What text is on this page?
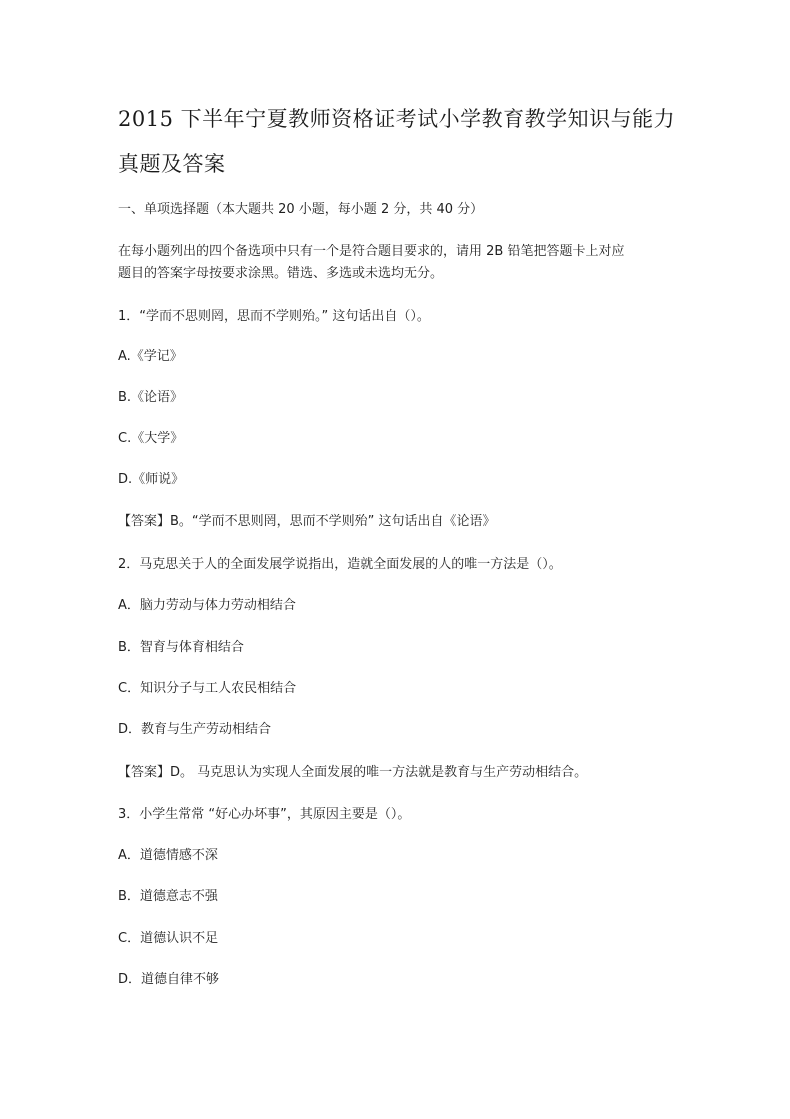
2015 下半年宁夏教师资格证考试小学教育教学知识与能力
真题及答案
一、单项选择题（本大题共 20 小题，每小题 2 分，共 40 分）
在每小题列出的四个备选项中只有一个是符合题目要求的，请用 2B 铅笔把答题卡上对应
题目的答案字母按要求涂黑。错选、多选或未选均无分。
1．“学而不思则罔，思而不学则殆。” 这句话出自（）。
A.《学记》
B.《论语》
C.《大学》
D.《师说》
【答案】B。“学而不思则罔，思而不学则殆” 这句话出自《论语》
2．马克思关于人的全面发展学说指出，造就全面发展的人的唯一方法是（）。
A．脑力劳动与体力劳动相结合
B．智育与体育相结合
C．知识分子与工人农民相结合
D．教育与生产劳动相结合
【答案】D。 马克思认为实现人全面发展的唯一方法就是教育与生产劳动相结合。
3．小学生常常 “好心办坏事”，其原因主要是（）。
A．道德情感不深
B．道德意志不强
C．道德认识不足
D．道德自律不够
